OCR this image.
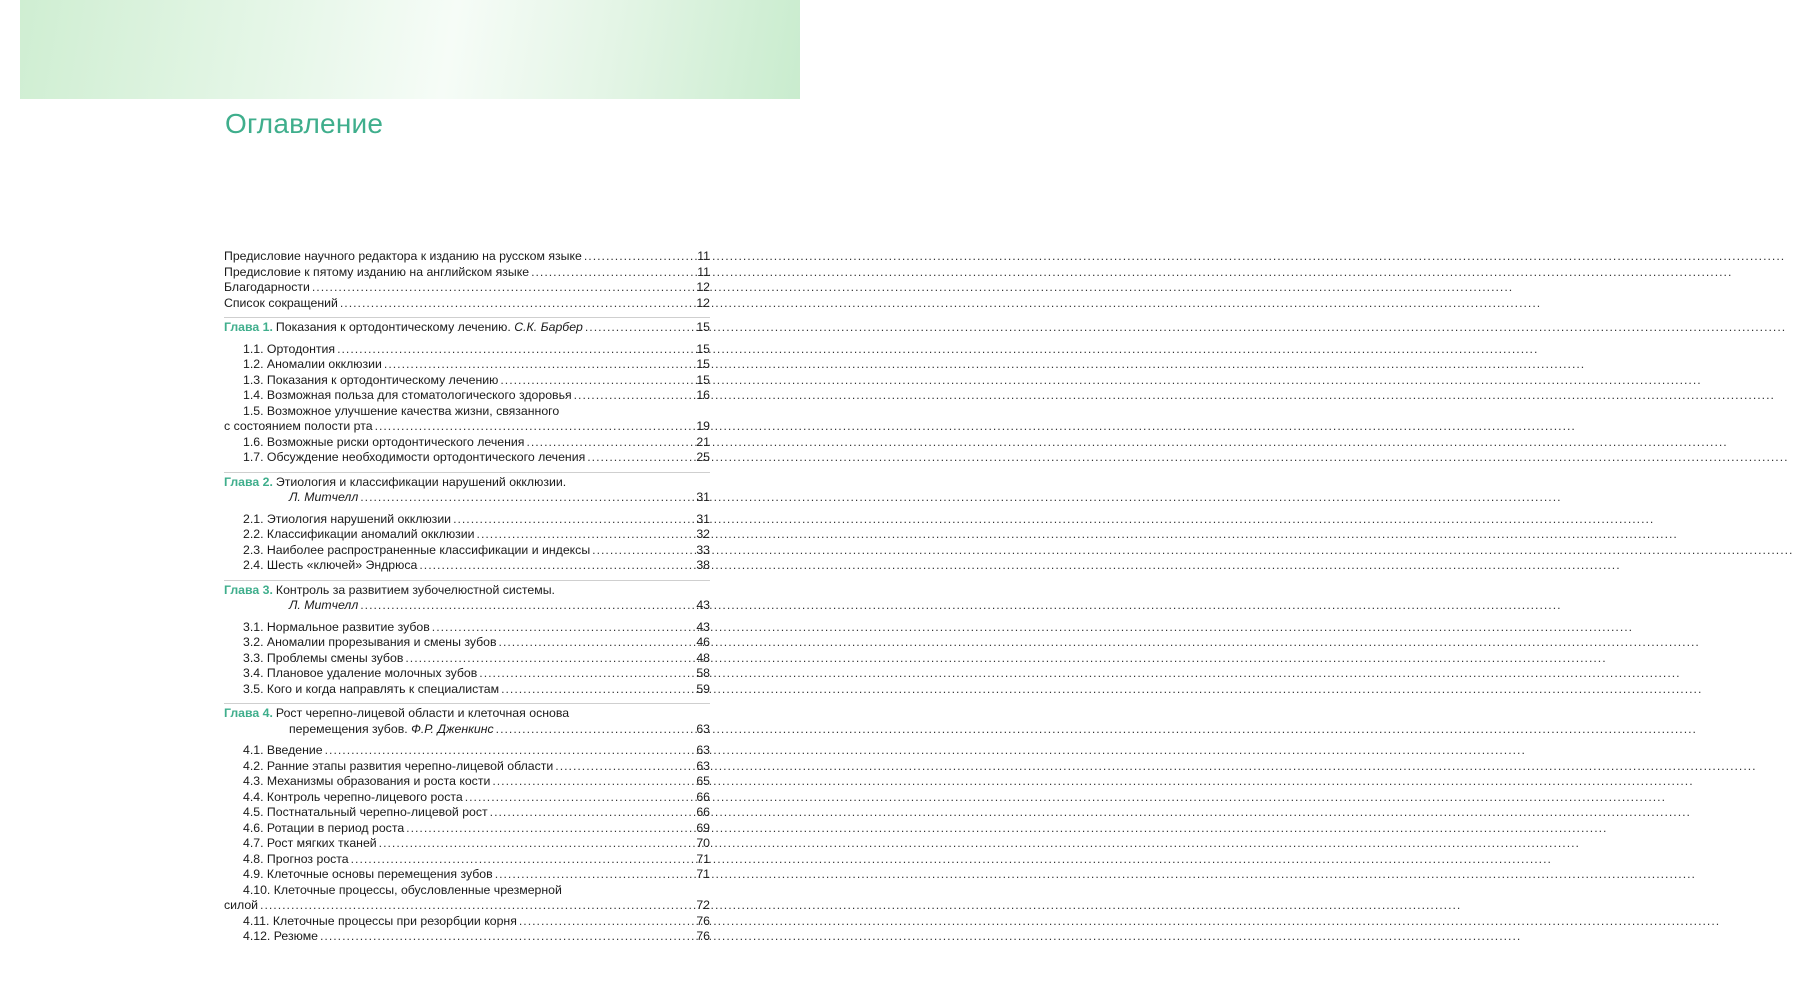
Оглавление
Предисловие научного редактора к изданию на русском языке .....	11
Предисловие к пятому изданию на английском языке .....	11
Благодарности .....	12
Список сокращений .....	12
Глава 1. Показания к ортодонтическому лечению. С.К. Барбер .....	15
1.1. Ортодонтия .....	15
1.2. Аномалии окклюзии .....	15
1.3. Показания к ортодонтическому лечению .....	15
1.4. Возможная польза для стоматологического здоровья .....	16
1.5. Возможное улучшение качества жизни, связанного
с состоянием полости рта .....	19
1.6. Возможные риски ортодонтического лечения .....	21
1.7. Обсуждение необходимости ортодонтического лечения .....	25
Глава 2. Этиология и классификации нарушений окклюзии.
Л. Митчелл .....	31
2.1. Этиология нарушений окклюзии .....	31
2.2. Классификации аномалий окклюзии .....	32
2.3. Наиболее распространенные классификации и индексы .....	33
2.4. Шесть «ключей» Эндрюса .....	38
Глава 3. Контроль за развитием зубочелюстной системы.
Л. Митчелл .....	43
3.1. Нормальное развитие зубов .....	43
3.2. Аномалии прорезывания и смены зубов .....	46
3.3. Проблемы смены зубов .....	48
3.4. Плановое удаление молочных зубов .....	58
3.5. Кого и когда направлять к специалистам .....	59
Глава 4. Рост черепно-лицевой области и клеточная основа
перемещения зубов. Ф.Р. Дженкинс .....	63
4.1. Введение .....	63
4.2. Ранние этапы развития черепно-лицевой области .....	63
4.3. Механизмы образования и роста кости .....	65
4.4. Контроль черепно-лицевого роста .....	66
4.5. Постнатальный черепно-лицевой рост .....	66
4.6. Ротации в период роста .....	69
4.7. Рост мягких тканей .....	70
4.8. Прогноз роста .....	71
4.9. Клеточные основы перемещения зубов .....	71
4.10. Клеточные процессы, обусловленные чрезмерной
силой .....	72
4.11. Клеточные процессы при резорбции корня .....	76
4.12. Резюме .....	76
